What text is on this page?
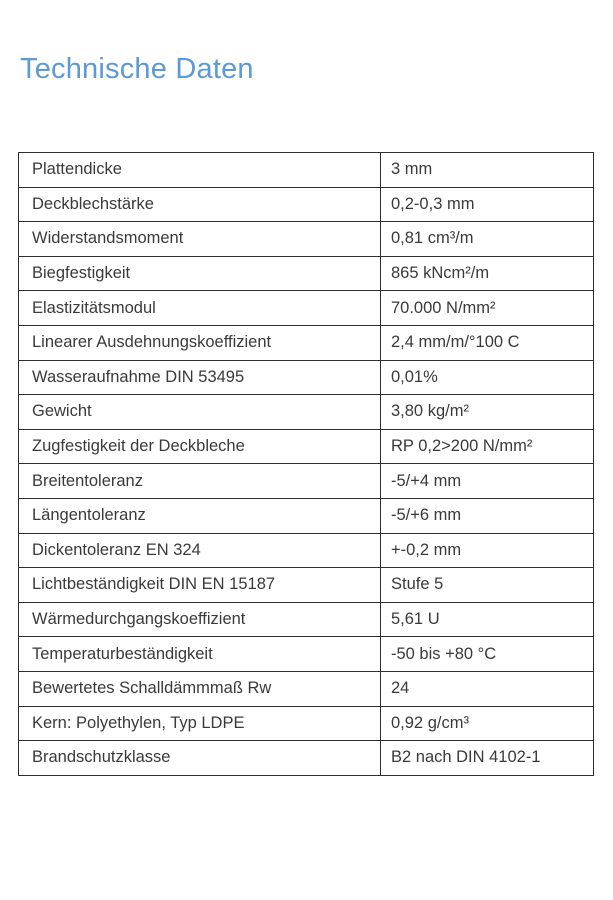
Technische Daten
Plattendicke	3 mm
Deckblechstärke	0,2-0,3 mm
Widerstandsmoment	0,81 cm³/m
Biegfestigkeit	865 kNcm²/m
Elastizitätsmodul	70.000 N/mm²
Linearer Ausdehnungskoeffizient	2,4 mm/m/°100 C
Wasseraufnahme DIN 53495	0,01%
Gewicht	3,80 kg/m²
Zugfestigkeit der Deckbleche	RP 0,2>200 N/mm²
Breitentoleranz	-5/+4 mm
Längentoleranz	-5/+6 mm
Dickentoleranz EN 324	+-0,2 mm
Lichtbeständigkeit DIN EN 15187	Stufe 5
Wärmedurchgangskoeffizient	5,61 U
Temperaturbeständigkeit	-50 bis +80 °C
Bewertetes Schalldämmmaß Rw	24
Kern: Polyethylen, Typ LDPE	0,92 g/cm³
Brandschutzklasse	B2 nach DIN 4102-1
